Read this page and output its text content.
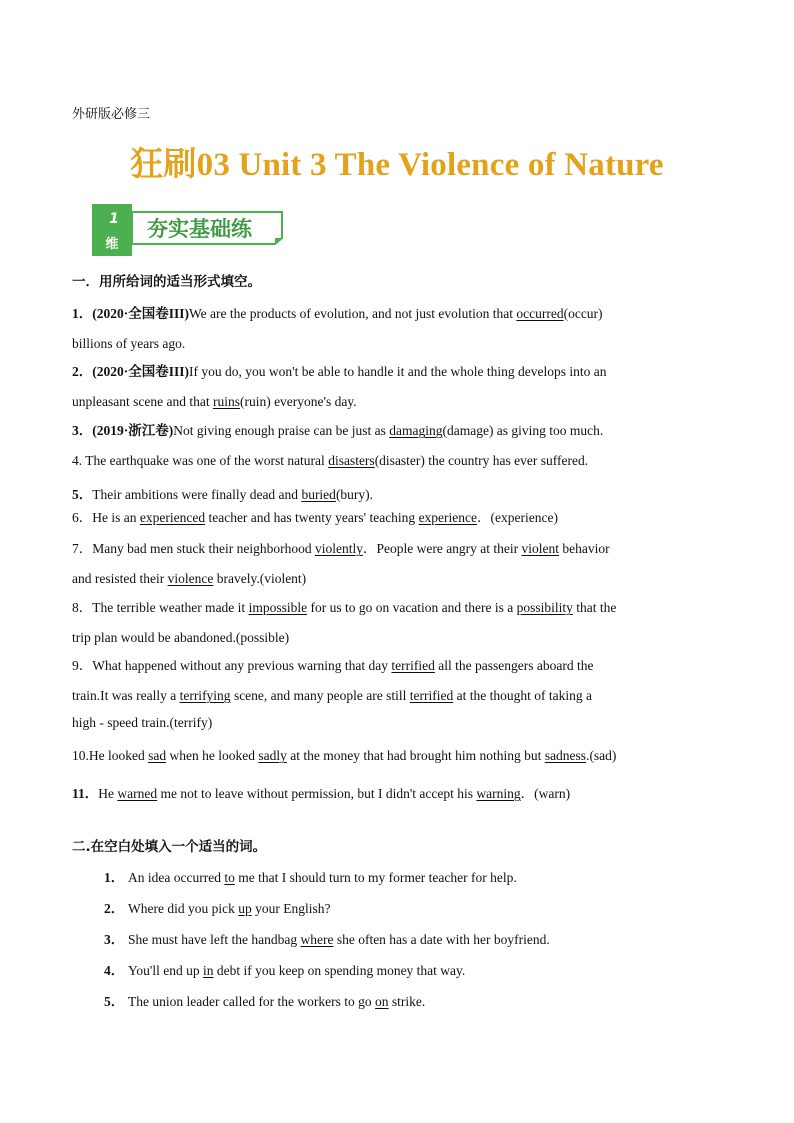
外研版必修三
狂刷03 Unit 3 The Violence of Nature
1
维
夯实基础练
一．用所给词的适当形式填空。
1．(2020·全国卷III)We are the products of evolution, and not just evolution that occurred(occur)
billions of years ago.
2．(2020·全国卷III)If you do, you won't be able to handle it and the whole thing develops into an
unpleasant scene and that ruins(ruin) everyone's day.
3．(2019·浙江卷)Not giving enough praise can be just as damaging(damage) as giving too much.
4. The earthquake was one of the worst natural disasters(disaster) the country has ever suffered.
5．Their ambitions were finally dead and buried(bury).
6．He is an experienced teacher and has twenty years' teaching experience．(experience)
7．Many bad men stuck their neighborhood violently．People were angry at their violent behavior
and resisted their violence bravely.(violent)
8．The terrible weather made it impossible for us to go on vacation and there is a possibility that the
trip plan would be abandoned.(possible)
9．What happened without any previous warning that day terrified all the passengers aboard the
train.It was really a terrifying scene, and many people are still terrified at the thought of taking a
high - speed train.(terrify)
10.He looked sad when he looked sadly at the money that had brought him nothing but sadness.(sad)
11．He warned me not to leave without permission, but I didn't accept his warning．(warn)
二.在空白处填入一个适当的词。
1． An idea occurred to me that I should turn to my former teacher for help.
2． Where did you pick up your English?
3． She must have left the handbag where she often has a date with her boyfriend.
4． You'll end up in debt if you keep on spending money that way.
5． The union leader called for the workers to go on strike.
